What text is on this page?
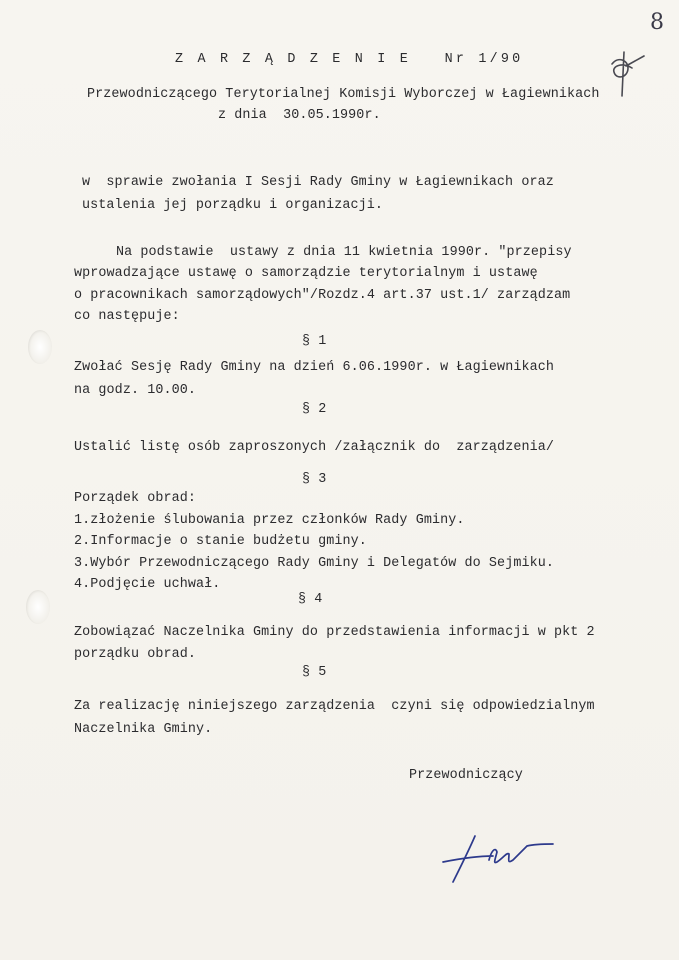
8
Z A R Z Ą D Z E N I E   Nr 1/90
Przewodniczącego Terytorialnej Komisji Wyborczej w Łagiewnikach
z dnia  30.05.1990r.
w  sprawie zwołania I Sesji Rady Gminy w Łagiewnikach oraz
ustalenia jej porządku i organizacji.
Na podstawie  ustawy z dnia 11 kwietnia 1990r. "przepisy
wprowadzające ustawę o samorządzie terytorialnym i ustawę
o pracownikach samorządowych"/Rozdz.4 art.37 ust.1/ zarządzam
co następuje:
§ 1
Zwołać Sesję Rady Gminy na dzień 6.06.1990r. w Łagiewnikach
na godz. 10.00.
§ 2
Ustalić listę osób zaproszonych /załącznik do  zarządzenia/
§ 3
Porządek obrad:
1.złożenie ślubowania przez członków Rady Gminy.
2.Informacje o stanie budżetu gminy.
3.Wybór Przewodniczącego Rady Gminy i Delegatów do Sejmiku.
4.Podjęcie uchwał.
§ 4
Zobowiązać Naczelnika Gminy do przedstawienia informacji w pkt 2
porządku obrad.
§ 5
Za realizację niniejszego zarządzenia  czyni się odpowiedzialnym
Naczelnika Gminy.
Przewodniczący
